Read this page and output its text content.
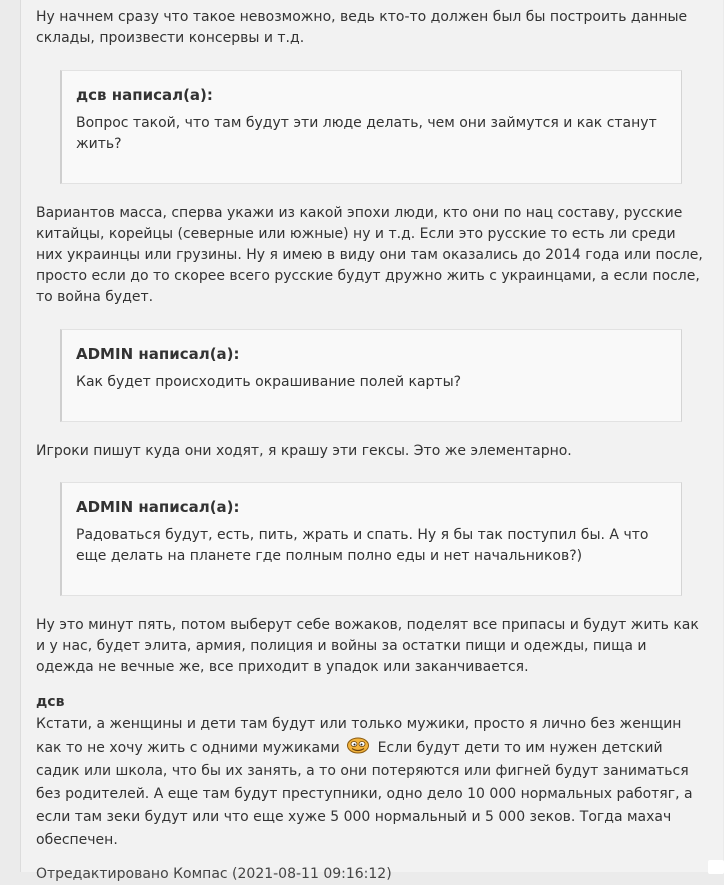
Ну начнем сразу что такое невозможно, ведь кто-то должен был бы построить данные склады, произвести консервы и т.д.

дсв написал(а):
Вопрос такой, что там будут эти люде делать, чем они займутся и как станут жить?

Вариантов масса, сперва укажи из какой эпохи люди, кто они по нац составу, русские китайцы, корейцы (северные или южные) ну и т.д. Если это русские то есть ли среди них украинцы или грузины. Ну я имею в виду они там оказались до 2014 года или после, просто если до то скорее всего русские будут дружно жить с украинцами, а если после, то война будет.

ADMIN написал(а):
Как будет происходить окрашивание полей карты?

Игроки пишут куда они ходят, я крашу эти гексы. Это же элементарно.

ADMIN написал(а):
Радоваться будут, есть, пить, жрать и спать. Ну я бы так поступил бы. А что еще делать на планете где полным полно еды и нет начальников?)

Ну это минут пять, потом выберут себе вожаков, поделят все припасы и будут жить как и у нас, будет элита, армия, полиция и войны за остатки пищи и одежды, пища и одежда не вечные же, все приходит в упадок или заканчивается.

дсв

Кстати, а женщины и дети там будут или только мужики, просто я лично без женщин как то не хочу жить с одними мужиками	Если будут дети то им нужен детский садик или школа, что бы их занять, а то они потеряются или фигней будут заниматься без родителей. А еще там будут преступники, одно дело 10 000 нормальных работяг, а если там зеки будут или что еще хуже 5 000 нормальный и 5 000 зеков. Тогда махач обеспечен.

Отредактировано Компас (2021-08-11 09:16:12)
